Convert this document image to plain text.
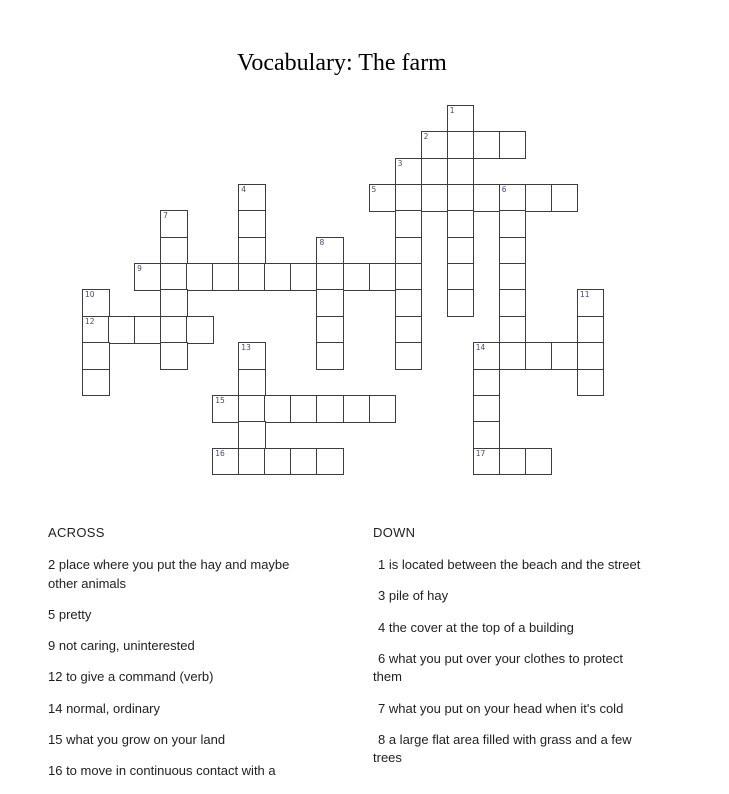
Vocabulary: The farm
1
2
3
4	5	6
7
8
9
10	11
12
13	14
15
16	17
ACROSS

2 place where you put the hay and maybe other animals

5 pretty

9 not caring, uninterested

12 to give a command (verb)

14 normal, ordinary

15 what you grow on your land

16 to move in continuous contact with a

DOWN

1 is located between the beach and the street

3 pile of hay

4 the cover at the top of a building

6 what you put over your clothes to protect them

7 what you put on your head when it's cold

8 a large flat area filled with grass and a few trees
